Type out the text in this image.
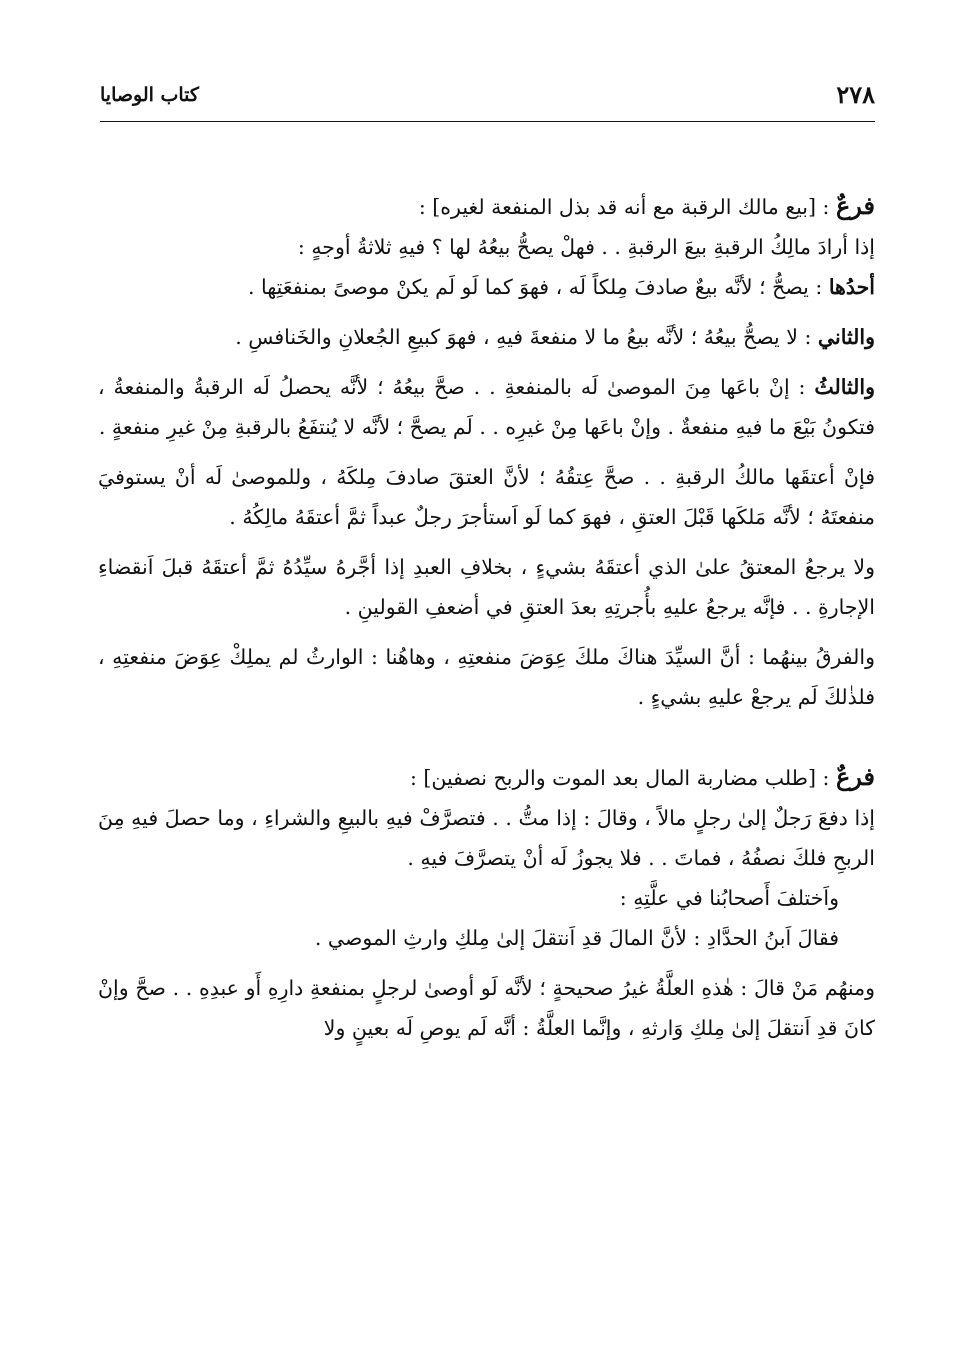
٢٧٨
كتاب الوصايا

فرعٌ : [بيع مالك الرقبة مع أنه قد بذل المنفعة لغيره] :

إذا أرادَ مالِكُ الرقبةِ بيعَ الرقبةِ . . فهلْ يصحُّ بيعُهُ لها ؟ فيهِ ثلاثةُ أوجهٍ :

أحدُها : يصحُّ ؛ لأنَّه بيعٌ صادفَ مِلكاً لَه ، فهوَ كما لَو لَم يكنْ موصىً بمنفعَتِها .

والثاني : لا يصحُّ بيعُهُ ؛ لأنَّه بيعُ ما لا منفعةَ فيهِ ، فهوَ كبيعِ الجُعلانِ والخَنافسِ .

والثالثُ : إنْ باعَها مِنَ الموصىٰ لَه بالمنفعةِ . . صحَّ بيعُهُ ؛ لأنَّه يحصلُ لَه الرقبةُ والمنفعةُ ، فتكونُ بَيْعَ ما فيهِ منفعةٌ . وإنْ باعَها مِنْ غيرِه . . لَم يصحَّ ؛ لأنَّه لا يُنتفَعُ بالرقبةِ مِنْ غيرِ منفعةٍ .

فإنْ أعتقَها مالكُ الرقبةِ . . صحَّ عِتقُهُ ؛ لأنَّ العتقَ صادفَ مِلكَهُ ، وللموصىٰ لَه أنْ يستوفيَ منفعتَهُ ؛ لأنَّه مَلكَها قَبْلَ العتقِ ، فهوَ كما لَو اَستأجرَ رجلٌ عبداً ثمَّ أعتقَهُ مالِكُهُ .

ولا يرجعُ المعتقُ علىٰ الذي أعتقَهُ بشيءٍ ، بخلافِ العبدِ إذا أجَّرهُ سيِّدُهُ ثمَّ أعتقَهُ قبلَ اَنقضاءِ الإجارةِ . . فإنَّه يرجعُ عليهِ بأُجرتِهِ بعدَ العتقِ في أضعفِ القولينِ .

والفرقُ بينهُما : أنَّ السيِّدَ هناكَ ملكَ عِوَضَ منفعتِهِ ، وهاهُنا : الوارثُ لم يملِكْ عِوَضَ منفعتِهِ ، فلذٰلكَ لَم يرجعْ عليهِ بشيءٍ .

فرعٌ : [طلب مضاربة المال بعد الموت والربح نصفين] :

إذا دفعَ رَجلٌ إلىٰ رجلٍ مالاً ، وقالَ : إذا متُّ . . فتصرَّفْ فيهِ بالبيعِ والشراءِ ، وما حصلَ فيهِ مِنَ الربحِ فلكَ نصفُهُ ، فماتَ . . فلا يجوزُ لَه أنْ يتصرَّفَ فيهِ .

واَختلفَ أَصحابُنا في علَّتِهِ :

فقالَ اَبنُ الحدَّادِ : لأنَّ المالَ قدِ اَنتقلَ إلىٰ مِلكِ وارثِ الموصي .

ومنهُم مَنْ قالَ : هٰذهِ العلَّةُ غيرُ صحيحةٍ ؛ لأنَّه لَو أوصىٰ لرجلٍ بمنفعةِ دارِهِ أَو عبدِهِ . . صحَّ وإنْ كانَ قدِ اَنتقلَ إلىٰ مِلكِ وَارثهِ ، وإنَّما العلَّةُ : أنَّه لَم يوصِ لَه بعينٍ ولا
